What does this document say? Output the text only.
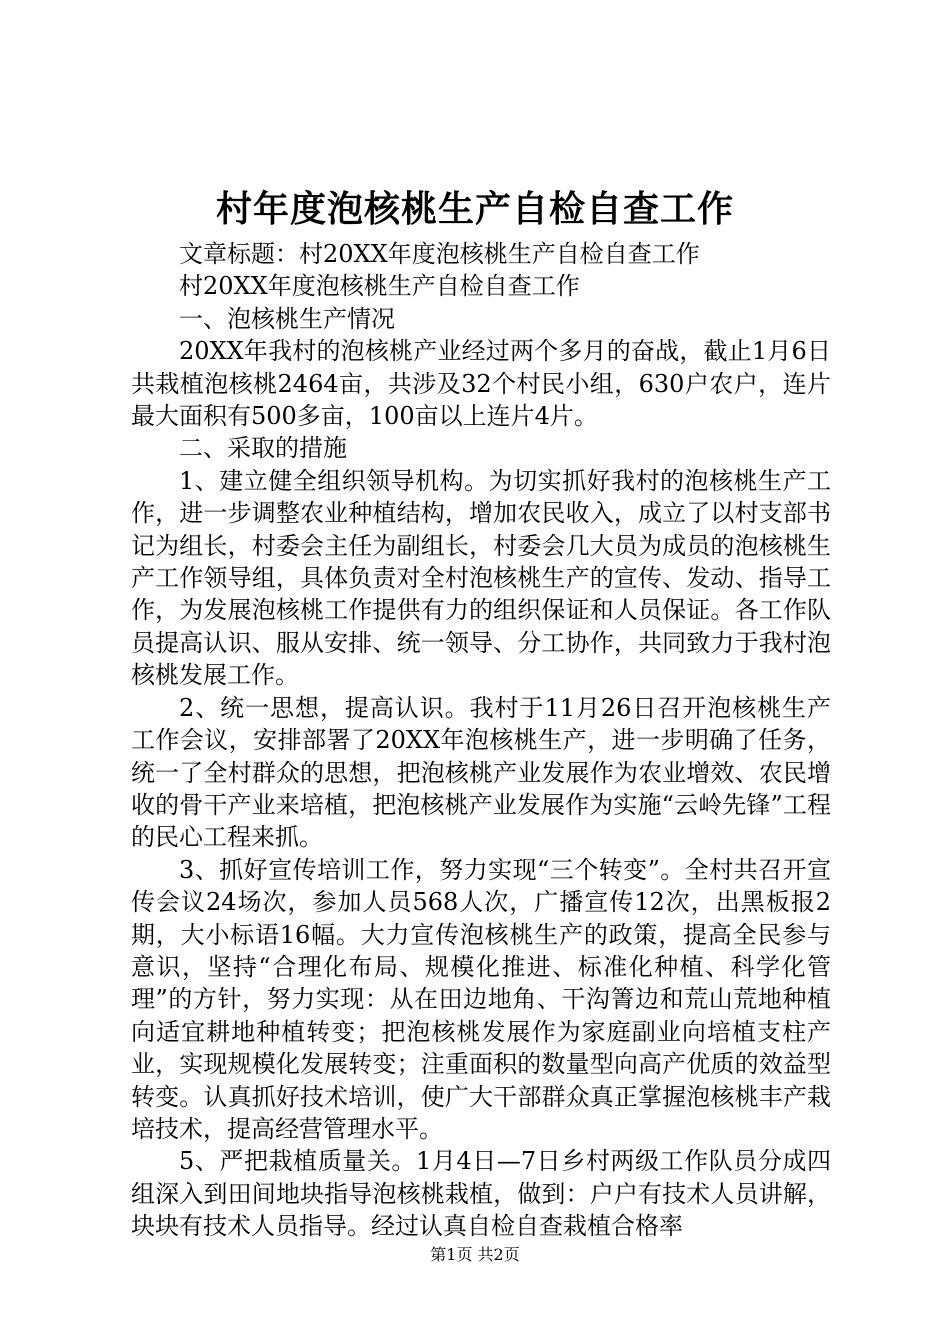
村年度泡核桃生产自检自查工作

文章标题：村20XX年度泡核桃生产自检自查工作

村20XX年度泡核桃生产自检自查工作

一、泡核桃生产情况

20XX年我村的泡核桃产业经过两个多月的奋战，截止1月6日共栽植泡核桃2464亩，共涉及32个村民小组，630户农户，连片最大面积有500多亩，100亩以上连片4片。

二、采取的措施

1、建立健全组织领导机构。为切实抓好我村的泡核桃生产工作，进一步调整农业种植结构，增加农民收入，成立了以村支部书记为组长，村委会主任为副组长，村委会几大员为成员的泡核桃生产工作领导组，具体负责对全村泡核桃生产的宣传、发动、指导工作，为发展泡核桃工作提供有力的组织保证和人员保证。各工作队员提高认识、服从安排、统一领导、分工协作，共同致力于我村泡核桃发展工作。

2、统一思想，提高认识。我村于11月26日召开泡核桃生产工作会议，安排部署了20XX年泡核桃生产，进一步明确了任务，统一了全村群众的思想，把泡核桃产业发展作为农业增效、农民增收的骨干产业来培植，把泡核桃产业发展作为实施“云岭先锋”工程的民心工程来抓。

3、抓好宣传培训工作，努力实现“三个转变”。全村共召开宣传会议24场次，参加人员568人次，广播宣传12次，出黑板报2期，大小标语16幅。大力宣传泡核桃生产的政策，提高全民参与意识，坚持“合理化布局、规模化推进、标准化种植、科学化管理”的方针，努力实现：从在田边地角、干沟箐边和荒山荒地种植向适宜耕地种植转变；把泡核桃发展作为家庭副业向培植支柱产业，实现规模化发展转变；注重面积的数量型向高产优质的效益型转变。认真抓好技术培训，使广大干部群众真正掌握泡核桃丰产栽培技术，提高经营管理水平。

5、严把栽植质量关。1月4日—7日乡村两级工作队员分成四组深入到田间地块指导泡核桃栽植，做到：户户有技术人员讲解，块块有技术人员指导。经过认真自检自查栽植合格率

第1页 共2页
